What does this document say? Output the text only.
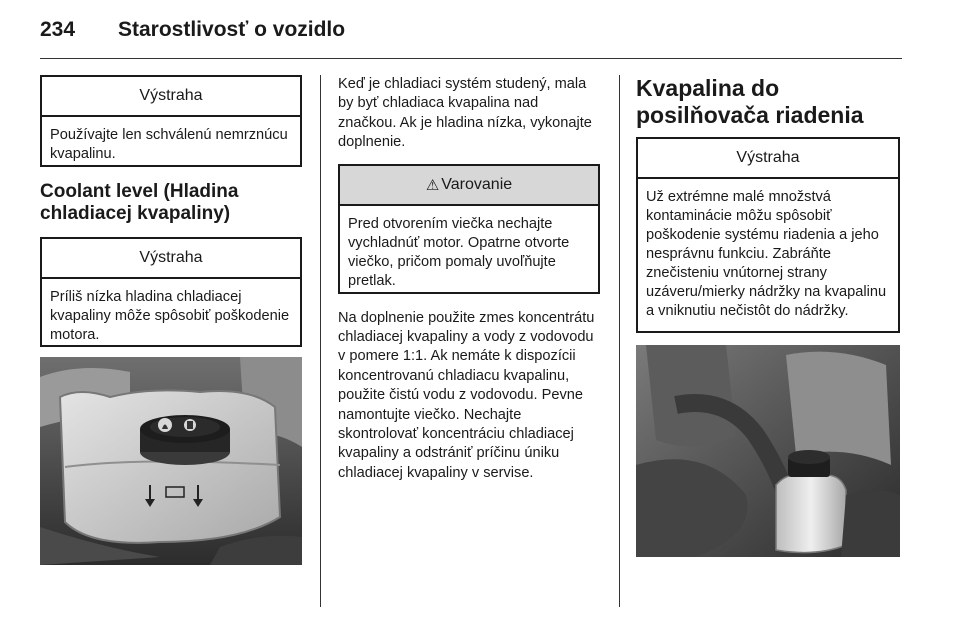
234 Starostlivosť o vozidlo
Výstraha
Používajte len schválenú nemrznúcu kvapalinu.
Coolant level (Hladina chladiacej kvapaliny)
Výstraha
Príliš nízka hladina chladiacej kvapaliny môže spôsobiť poškodenie motora.
Keď je chladiaci systém studený, mala by byť chladiaca kvapalina nad značkou. Ak je hladina nízka, vykonajte doplnenie.
⚠ Varovanie
Pred otvorením viečka nechajte vychladnúť motor. Opatrne otvorte viečko, pričom pomaly uvoľňujte pretlak.
Na doplnenie použite zmes koncentrátu chladiacej kvapaliny a vody z vodovodu v pomere 1:1. Ak nemáte k dispozícii koncentrovanú chladiacu kvapalinu, použite čistú vodu z vodovodu. Pevne namontujte viečko. Nechajte skontrolovať koncentráciu chladiacej kvapaliny a odstrániť príčinu úniku chladiacej kvapaliny v servise.
Kvapalina do posilňovača riadenia
Výstraha
Už extrémne malé množstvá kontaminácie môžu spôsobiť poškodenie systému riadenia a jeho nesprávnu funkciu. Zabráňte znečisteniu vnútornej strany uzáveru/mierky nádržky na kvapalinu a vniknutiu nečistôt do nádržky.
